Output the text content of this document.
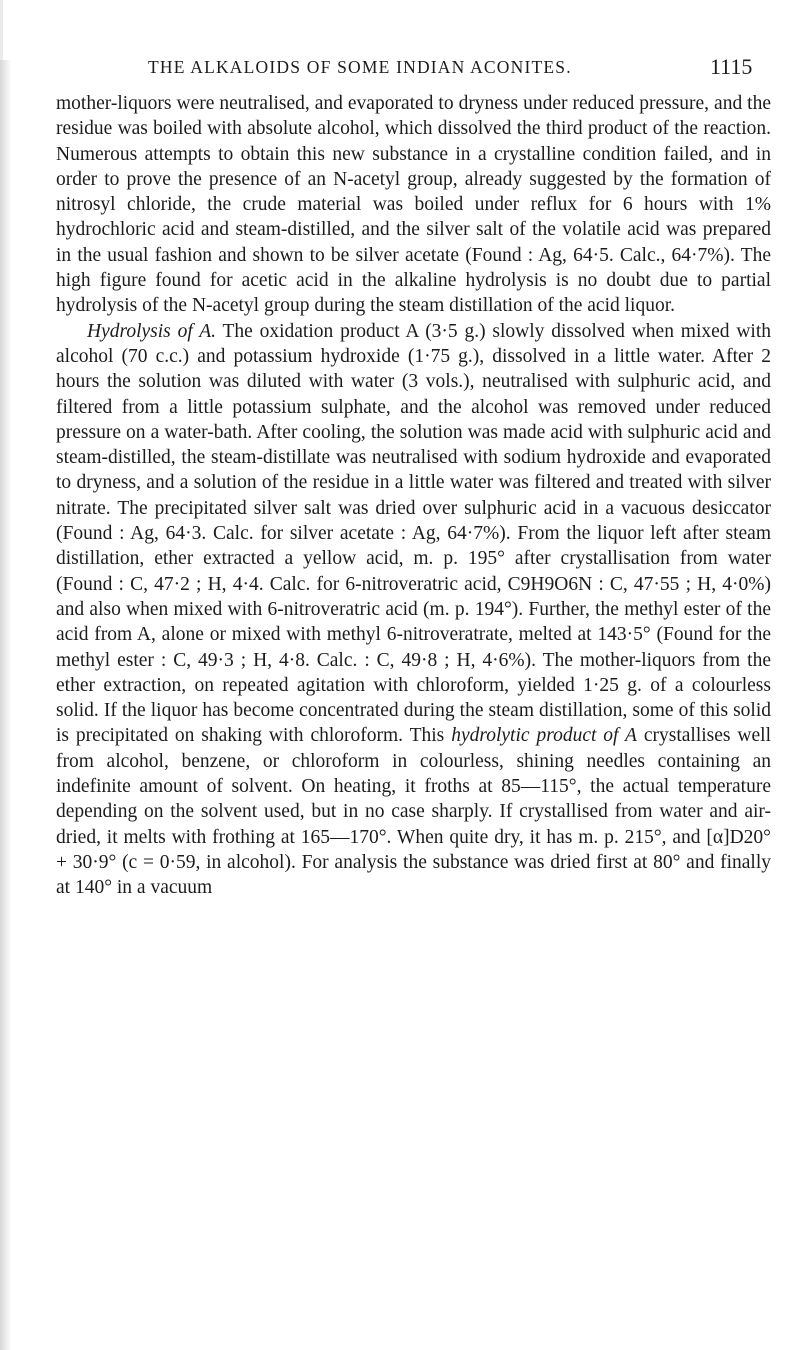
THE ALKALOIDS OF SOME INDIAN ACONITES.	1115

mother-liquors were neutralised, and evaporated to dryness under reduced pressure, and the residue was boiled with absolute alcohol, which dissolved the third product of the reaction. Numerous attempts to obtain this new substance in a crystalline condition failed, and in order to prove the presence of an N-acetyl group, already suggested by the formation of nitrosyl chloride, the crude material was boiled under reflux for 6 hours with 1% hydrochloric acid and steam-distilled, and the silver salt of the volatile acid was prepared in the usual fashion and shown to be silver acetate (Found : Ag, 64·5. Calc., 64·7%). The high figure found for acetic acid in the alkaline hydrolysis is no doubt due to partial hydrolysis of the N-acetyl group during the steam distillation of the acid liquor.

Hydrolysis of A. The oxidation product A (3·5 g.) slowly dissolved when mixed with alcohol (70 c.c.) and potassium hydroxide (1·75 g.), dissolved in a little water. After 2 hours the solution was diluted with water (3 vols.), neutralised with sulphuric acid, and filtered from a little potassium sulphate, and the alcohol was removed under reduced pressure on a water-bath. After cooling, the solution was made acid with sulphuric acid and steam-distilled, the steam-distillate was neutralised with sodium hydroxide and evaporated to dryness, and a solution of the residue in a little water was filtered and treated with silver nitrate. The precipitated silver salt was dried over sulphuric acid in a vacuous desiccator (Found : Ag, 64·3. Calc. for silver acetate : Ag, 64·7%). From the liquor left after steam distillation, ether extracted a yellow acid, m. p. 195° after crystallisation from water (Found : C, 47·2 ; H, 4·4. Calc. for 6-nitroveratric acid, C9H9O6N : C, 47·55 ; H, 4·0%) and also when mixed with 6-nitroveratric acid (m. p. 194°). Further, the methyl ester of the acid from A, alone or mixed with methyl 6-nitroveratrate, melted at 143·5° (Found for the methyl ester : C, 49·3 ; H, 4·8. Calc. : C, 49·8 ; H, 4·6%). The mother-liquors from the ether extraction, on repeated agitation with chloroform, yielded 1·25 g. of a colourless solid. If the liquor has become concentrated during the steam distillation, some of this solid is precipitated on shaking with chloroform. This hydrolytic product of A crystallises well from alcohol, benzene, or chloroform in colourless, shining needles containing an indefinite amount of solvent. On heating, it froths at 85—115°, the actual temperature depending on the solvent used, but in no case sharply. If crystallised from water and air-dried, it melts with frothing at 165—170°. When quite dry, it has m. p. 215°, and [α]D20° + 30·9° (c = 0·59, in alcohol). For analysis the substance was dried first at 80° and finally at 140° in a vacuum
